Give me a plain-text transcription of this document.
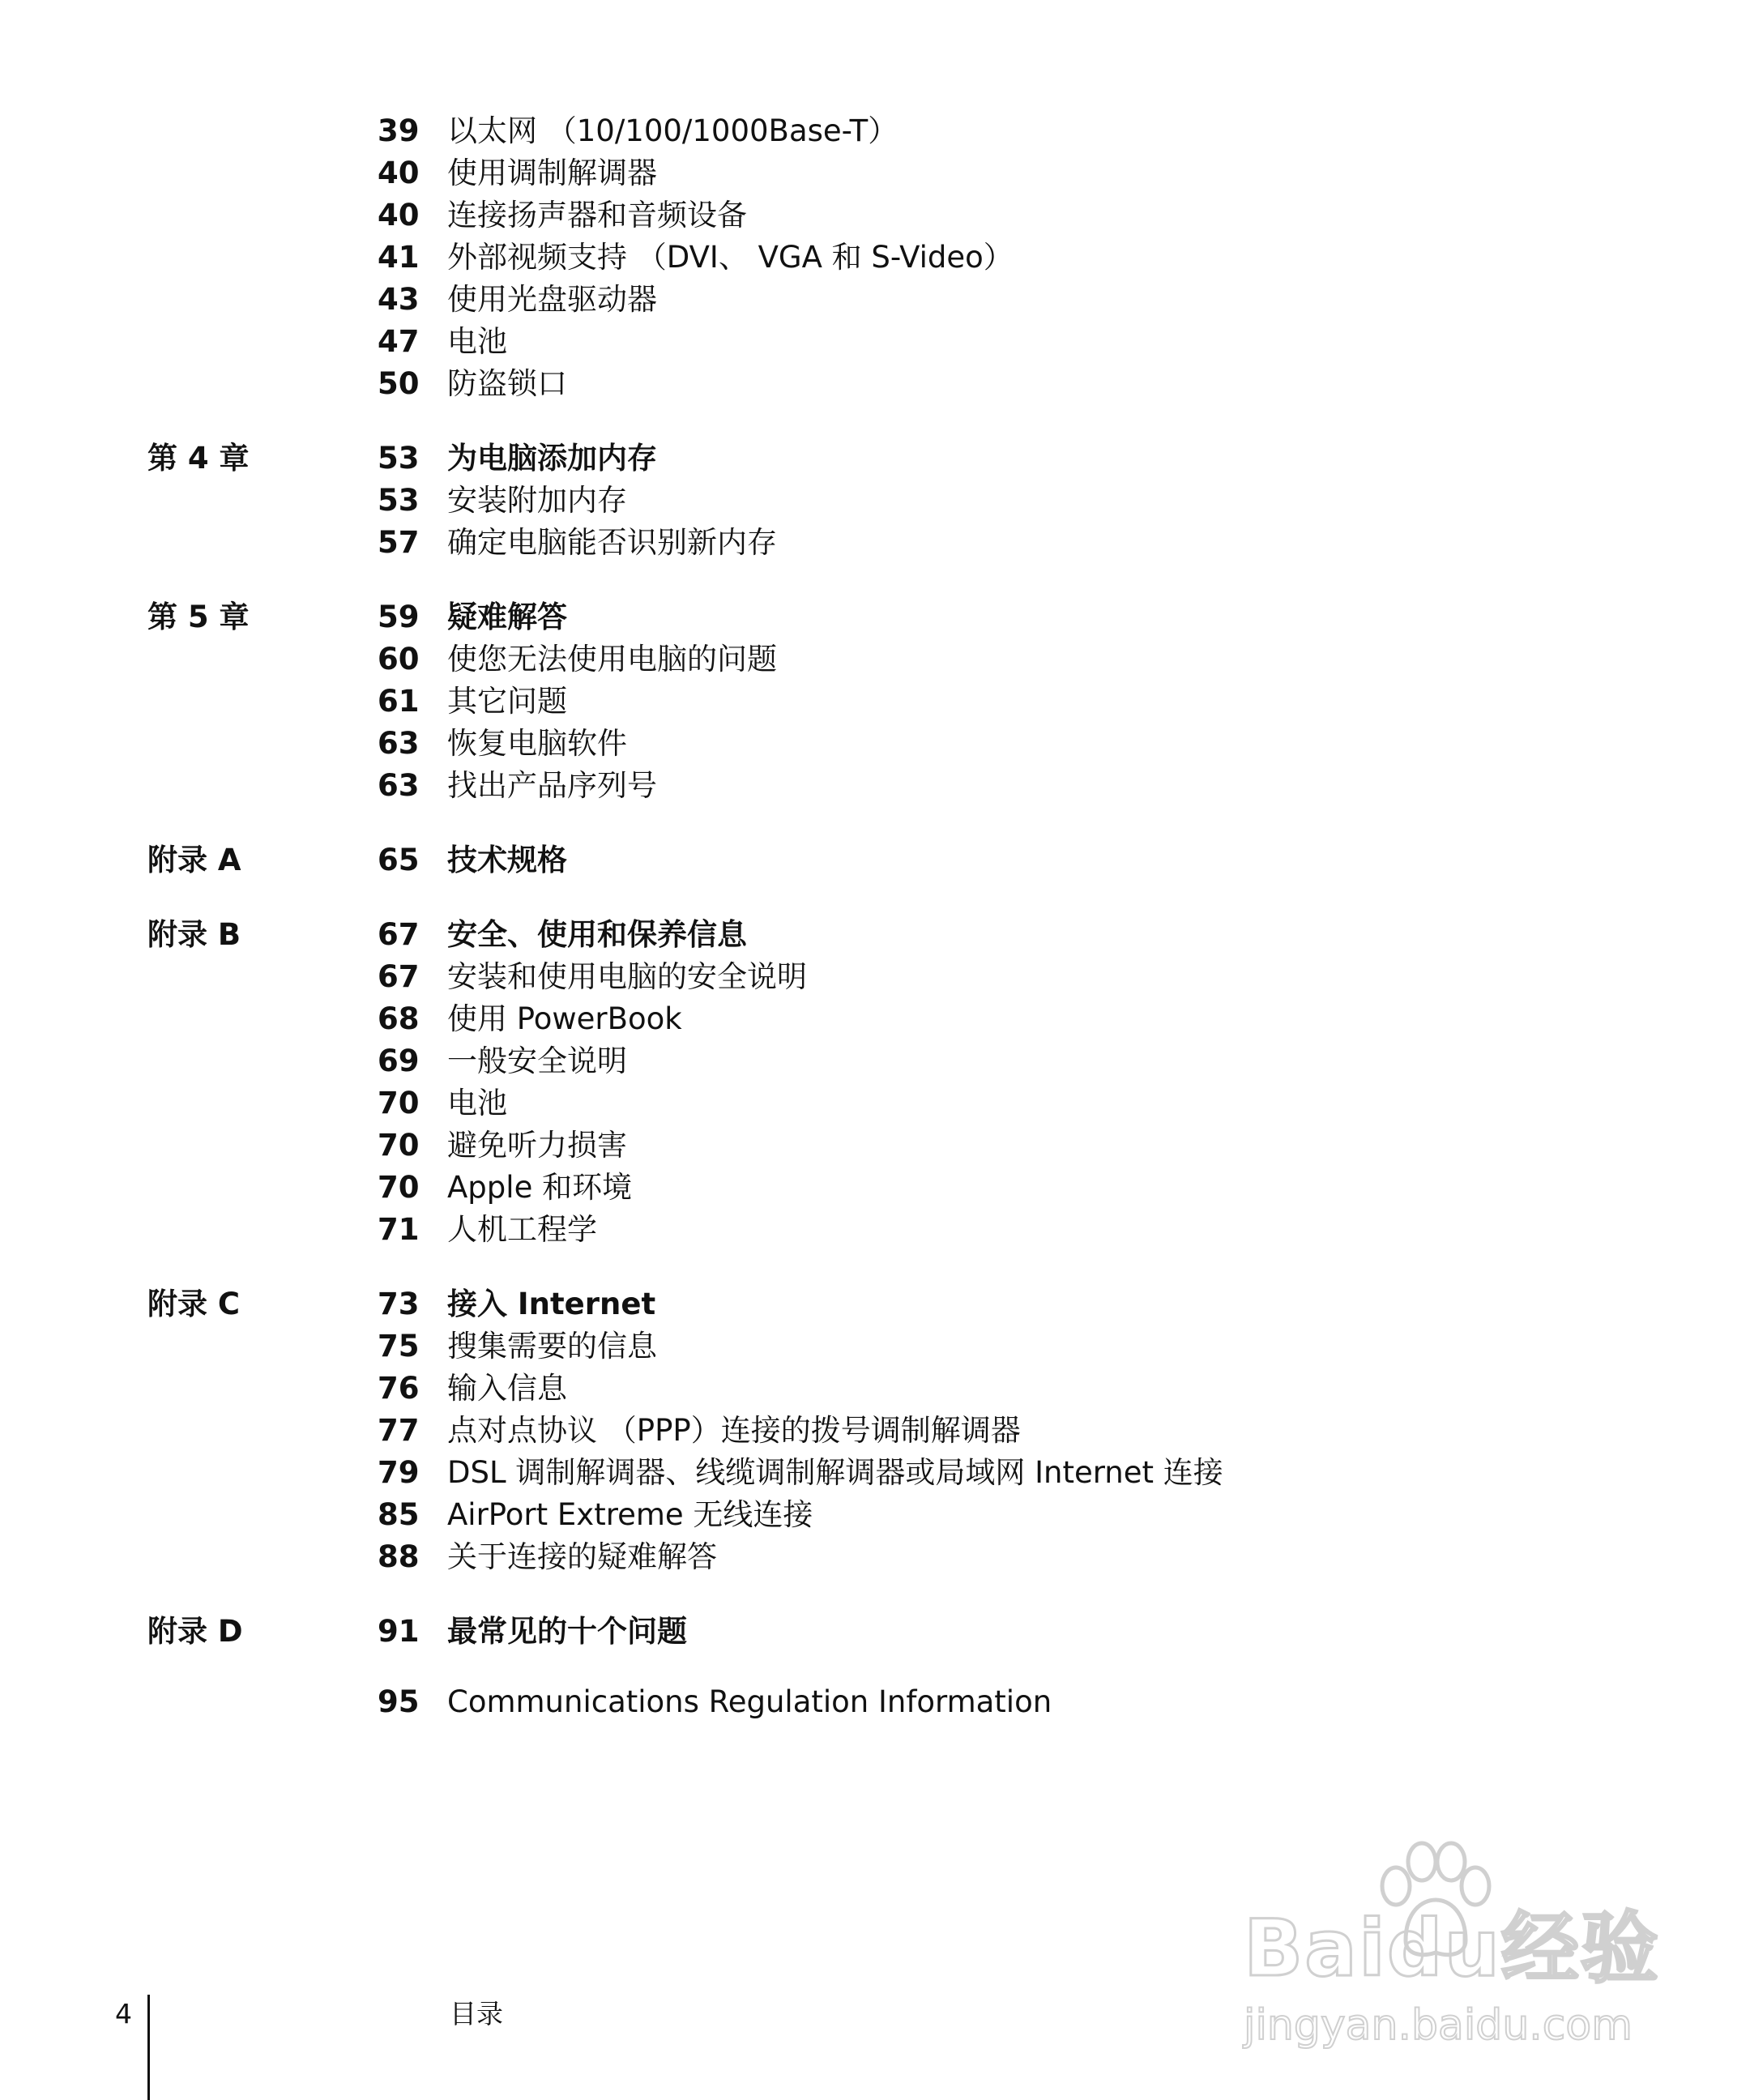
39 以太网 （10/100/1000Base-T）
40 使用调制解调器
40 连接扬声器和音频设备
41 外部视频支持 （DVI、 VGA 和 S-Video）
43 使用光盘驱动器
47 电池
50 防盗锁口
第 4 章	53 为电脑添加内存
53 安装附加内存
57 确定电脑能否识别新内存
第 5 章	59 疑难解答
60 使您无法使用电脑的问题
61 其它问题
63 恢复电脑软件
63 找出产品序列号
附录 A	65 技术规格
附录 B	67 安全、使用和保养信息
67 安装和使用电脑的安全说明
68 使用 PowerBook
69 一般安全说明
70 电池
70 避免听力损害
70 Apple 和环境
71 人机工程学
附录 C	73 接入 Internet
75 搜集需要的信息
76 输入信息
77 点对点协议 （PPP）连接的拨号调制解调器
79 DSL 调制解调器、线缆调制解调器或局域网 Internet 连接
85 AirPort Extreme 无线连接
88 关于连接的疑难解答
附录 D	91 最常见的十个问题
95 Communications Regulation Information
Baidu经验
jingyan.baidu.com
4	目录
